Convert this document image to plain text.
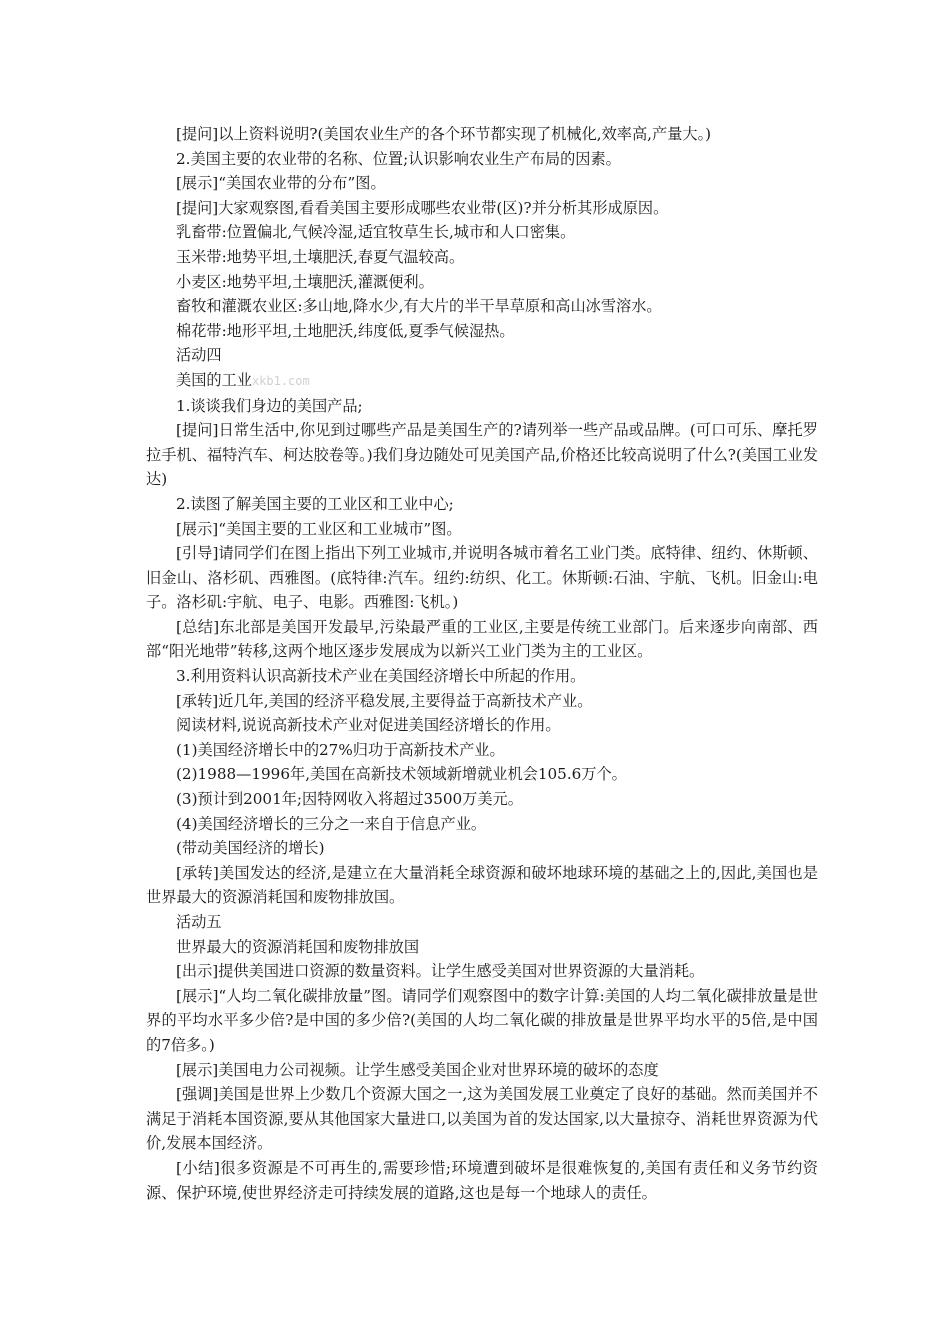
[提问]以上资料说明?(美国农业生产的各个环节都实现了机械化,效率高,产量大。)

2.美国主要的农业带的名称、位置;认识影响农业生产布局的因素。

[展示]“美国农业带的分布”图。

[提问]大家观察图,看看美国主要形成哪些农业带(区)?并分析其形成原因。

乳畜带:位置偏北,气候冷湿,适宜牧草生长,城市和人口密集。

玉米带:地势平坦,土壤肥沃,春夏气温较高。

小麦区:地势平坦,土壤肥沃,灌溉便利。

畜牧和灌溉农业区:多山地,降水少,有大片的半干旱草原和高山冰雪溶水。

棉花带:地形平坦,土地肥沃,纬度低,夏季气候湿热。

活动四

美国的工业xkb1.com

1.谈谈我们身边的美国产品;

[提问]日常生活中,你见到过哪些产品是美国生产的?请列举一些产品或品牌。(可口可乐、摩托罗拉手机、福特汽车、柯达胶卷等。)我们身边随处可见美国产品,价格还比较高说明了什么?(美国工业发达)

2.读图了解美国主要的工业区和工业中心;

[展示]“美国主要的工业区和工业城市”图。

[引导]请同学们在图上指出下列工业城市,并说明各城市着名工业门类。底特律、纽约、休斯顿、旧金山、洛杉矶、西雅图。(底特律:汽车。纽约:纺织、化工。休斯顿:石油、宇航、飞机。旧金山:电子。洛杉矶:宇航、电子、电影。西雅图:飞机。)

[总结]东北部是美国开发最早,污染最严重的工业区,主要是传统工业部门。后来逐步向南部、西部“阳光地带”转移,这两个地区逐步发展成为以新兴工业门类为主的工业区。

3.利用资料认识高新技术产业在美国经济增长中所起的作用。

[承转]近几年,美国的经济平稳发展,主要得益于高新技术产业。

阅读材料,说说高新技术产业对促进美国经济增长的作用。

(1)美国经济增长中的27%归功于高新技术产业。

(2)1988—1996年,美国在高新技术领域新增就业机会105.6万个。

(3)预计到2001年;因特网收入将超过3500万美元。

(4)美国经济增长的三分之一来自于信息产业。

(带动美国经济的增长)

[承转]美国发达的经济,是建立在大量消耗全球资源和破坏地球环境的基础之上的,因此,美国也是世界最大的资源消耗国和废物排放国。

活动五

世界最大的资源消耗国和废物排放国

[出示]提供美国进口资源的数量资料。让学生感受美国对世界资源的大量消耗。

[展示]“人均二氧化碳排放量”图。请同学们观察图中的数字计算:美国的人均二氧化碳排放量是世界的平均水平多少倍?是中国的多少倍?(美国的人均二氧化碳的排放量是世界平均水平的5倍,是中国的7倍多。)

[展示]美国电力公司视频。让学生感受美国企业对世界环境的破坏的态度

[强调]美国是世界上少数几个资源大国之一,这为美国发展工业奠定了良好的基础。然而美国并不满足于消耗本国资源,要从其他国家大量进口,以美国为首的发达国家,以大量掠夺、消耗世界资源为代价,发展本国经济。

[小结]很多资源是不可再生的,需要珍惜;环境遭到破坏是很难恢复的,美国有责任和义务节约资源、保护环境,使世界经济走可持续发展的道路,这也是每一个地球人的责任。
